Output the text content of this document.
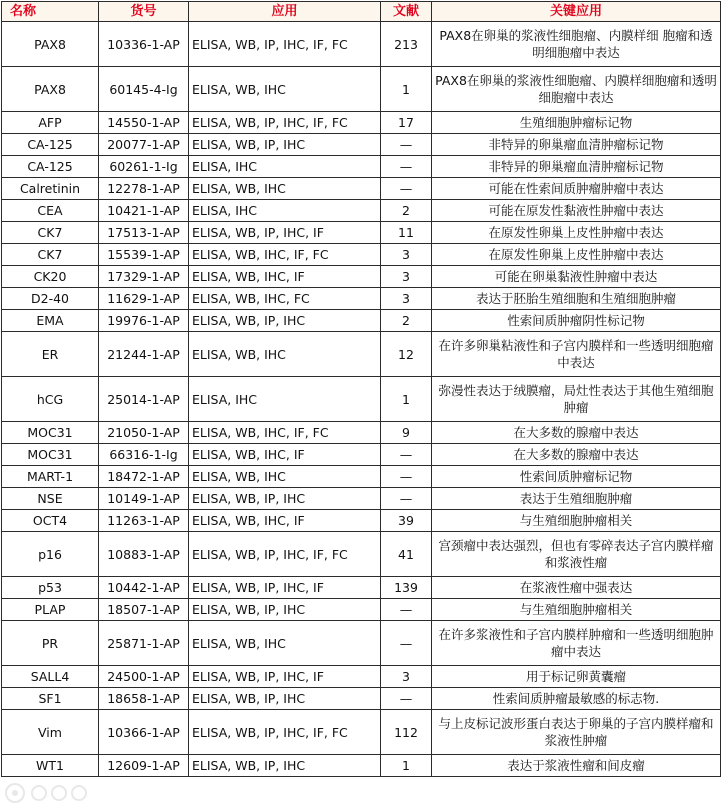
名称	货号	应用	文献	关键应用
PAX8	10336-1-AP	ELISA, WB, IP, IHC, IF, FC	213	PAX8在卵巢的浆液性细胞瘤、内膜样细 胞瘤和透明细胞瘤中表达
PAX8	60145-4-Ig	ELISA, WB, IHC	1	PAX8在卵巢的浆液性细胞瘤、内膜样细胞瘤和透明细胞瘤中表达
AFP	14550-1-AP	ELISA, WB, IP, IHC, IF, FC	17	生殖细胞肿瘤标记物
CA-125	20077-1-AP	ELISA, WB, IP, IHC	—	非特异的卵巢瘤血清肿瘤标记物
CA-125	60261-1-Ig	ELISA, IHC	—	非特异的卵巢瘤血清肿瘤标记物
Calretinin	12278-1-AP	ELISA, WB, IHC	—	可能在性索间质肿瘤肿瘤中表达
CEA	10421-1-AP	ELISA, IHC	2	可能在原发性黏液性肿瘤中表达
CK7	17513-1-AP	ELISA, WB, IP, IHC, IF	11	在原发性卵巢上皮性肿瘤中表达
CK7	15539-1-AP	ELISA, WB, IHC, IF, FC	3	在原发性卵巢上皮性肿瘤中表达
CK20	17329-1-AP	ELISA, WB, IHC, IF	3	可能在卵巢黏液性肿瘤中表达
D2-40	11629-1-AP	ELISA, WB, IHC, FC	3	表达于胚胎生殖细胞和生殖细胞肿瘤
EMA	19976-1-AP	ELISA, WB, IP, IHC	2	性索间质肿瘤阴性标记物
ER	21244-1-AP	ELISA, WB, IHC	12	在许多卵巢粘液性和子宫内膜样和一些透明细胞瘤中表达
hCG	25014-1-AP	ELISA, IHC	1	弥漫性表达于绒膜瘤，局灶性表达于其他生殖细胞肿瘤
MOC31	21050-1-AP	ELISA, WB, IHC, IF, FC	9	在大多数的腺瘤中表达
MOC31	66316-1-Ig	ELISA, WB, IHC, IF	—	在大多数的腺瘤中表达
MART-1	18472-1-AP	ELISA, WB, IHC	—	性索间质肿瘤标记物
NSE	10149-1-AP	ELISA, WB, IP, IHC	—	表达于生殖细胞肿瘤
OCT4	11263-1-AP	ELISA, WB, IHC, IF	39	与生殖细胞肿瘤相关
p16	10883-1-AP	ELISA, WB, IP, IHC, IF, FC	41	宫颈瘤中表达强烈，但也有零碎表达子宫内膜样瘤和浆液性瘤
p53	10442-1-AP	ELISA, WB, IP, IHC, IF	139	在浆液性瘤中强表达
PLAP	18507-1-AP	ELISA, WB, IP, IHC	—	与生殖细胞肿瘤相关
PR	25871-1-AP	ELISA, WB, IHC	—	在许多浆液性和子宫内膜样肿瘤和一些透明细胞肿瘤中表达
SALL4	24500-1-AP	ELISA, WB, IP, IHC, IF	3	用于标记卵黄囊瘤
SF1	18658-1-AP	ELISA, WB, IP, IHC	—	性索间质肿瘤最敏感的标志物.
Vim	10366-1-AP	ELISA, WB, IP, IHC, IF, FC	112	与上皮标记波形蛋白表达于卵巢的子宫内膜样瘤和浆液性肿瘤
WT1	12609-1-AP	ELISA, WB, IP, IHC	1	表达于浆液性瘤和间皮瘤
